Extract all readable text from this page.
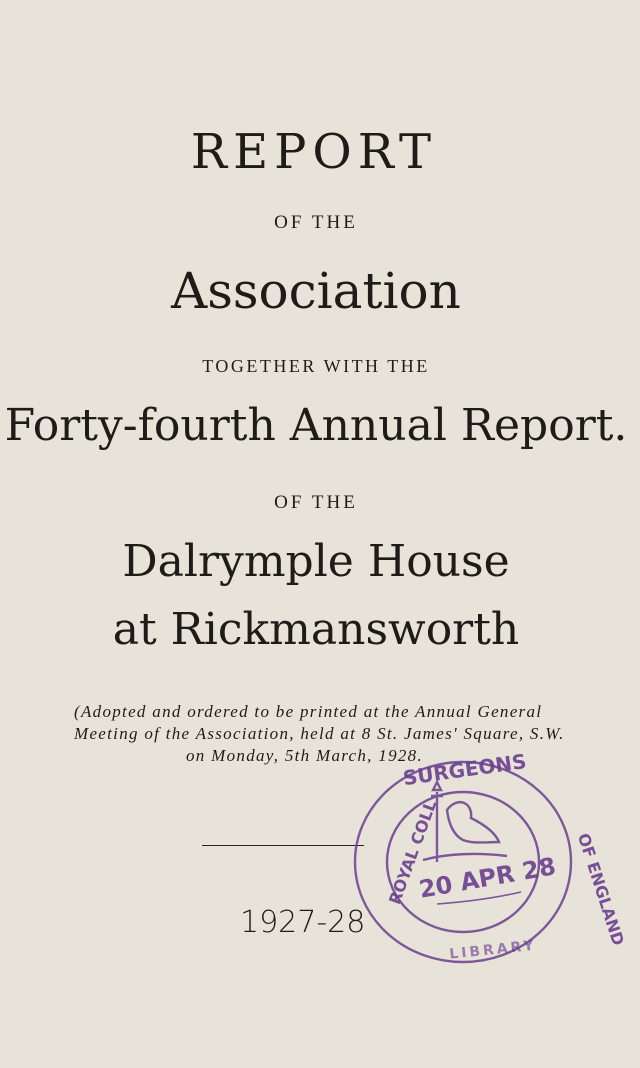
REPORT
OF THE
Association
TOGETHER WITH THE
Forty-fourth Annual Report.
OF THE
Dalrymple House
at Rickmansworth
(Adopted and ordered to be printed at the Annual General
Meeting of the Association, held at 8 St. James' Square, S.W.
on Monday, 5th March, 1928.
1927-28
SURGEONS
OF ENGLAND
ROYAL COLL
LIBRARY
20 APR 28
